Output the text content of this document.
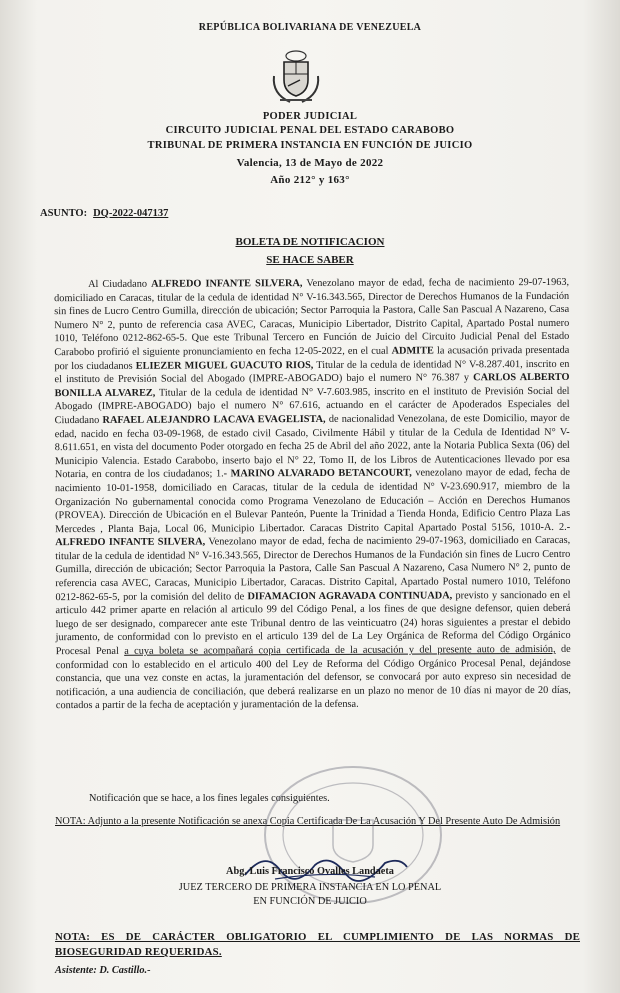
REPÚBLICA BOLIVARIANA DE VENEZUELA
PODER JUDICIAL
CIRCUITO JUDICIAL PENAL DEL ESTADO CARABOBO
TRIBUNAL DE PRIMERA INSTANCIA EN FUNCIÓN DE JUICIO
Valencia, 13 de Mayo de 2022
Año 212° y 163°
ASUNTO: DQ-2022-047137
BOLETA DE NOTIFICACION
SE HACE SABER

Al Ciudadano ALFREDO INFANTE SILVERA, Venezolano mayor de edad, fecha de nacimiento 29-07-1963, domiciliado en Caracas, titular de la cedula de identidad N° V-16.343.565, Director de Derechos Humanos de la Fundación sin fines de Lucro Centro Gumilla, dirección de ubicación; Sector Parroquia la Pastora, Calle San Pascual A Nazareno, Casa Numero N° 2, punto de referencia casa AVEC, Caracas, Municipio Libertador, Distrito Capital, Apartado Postal numero 1010, Teléfono 0212-862-65-5. Que este Tribunal Tercero en Función de Juicio del Circuito Judicial Penal del Estado Carabobo profirió el siguiente pronunciamiento en fecha 12-05-2022, en el cual ADMITE la acusación privada presentada por los ciudadanos ELIEZER MIGUEL GUACUTO RIOS, Titular de la cedula de identidad N° V-8.287.401, inscrito en el instituto de Previsión Social del Abogado (IMPRE-ABOGADO) bajo el numero N° 76.387 y CARLOS ALBERTO BONILLA ALVAREZ, Titular de la cedula de identidad N° V-7.603.985, inscrito en el instituto de Previsión Social del Abogado (IMPRE-ABOGADO) bajo el numero N° 67.616, actuando en el carácter de Apoderados Especiales del Ciudadano RAFAEL ALEJANDRO LACAVA EVAGELISTA, de nacionalidad Venezolana, de este Domicilio, mayor de edad, nacido en fecha 03-09-1968, de estado civil Casado, Civilmente Hábil y titular de la Cedula de Identidad N° V-8.611.651, en vista del documento Poder otorgado en fecha 25 de Abril del año 2022, ante la Notaria Publica Sexta (06) del Municipio Valencia. Estado Carabobo, inserto bajo el N° 22, Tomo II, de los Libros de Autenticaciones llevado por esa Notaria, en contra de los ciudadanos; 1.- MARINO ALVARADO BETANCOURT, venezolano mayor de edad, fecha de nacimiento 10-01-1958, domiciliado en Caracas, titular de la cedula de identidad N° V-23.690.917, miembro de la Organización No gubernamental conocida como Programa Venezolano de Educación – Acción en Derechos Humanos (PROVEA). Dirección de Ubicación en el Bulevar Panteón, Puente la Trinidad a Tienda Honda, Edificio Centro Plaza Las Mercedes , Planta Baja, Local 06, Municipio Libertador. Caracas Distrito Capital Apartado Postal 5156, 1010-A. 2.- ALFREDO INFANTE SILVERA, Venezolano mayor de edad, fecha de nacimiento 29-07-1963, domiciliado en Caracas, titular de la cedula de identidad N° V-16.343.565, Director de Derechos Humanos de la Fundación sin fines de Lucro Centro Gumilla, dirección de ubicación; Sector Parroquia la Pastora, Calle San Pascual A Nazareno, Casa Numero N° 2, punto de referencia casa AVEC, Caracas, Municipio Libertador, Caracas. Distrito Capital, Apartado Postal numero 1010, Teléfono 0212-862-65-5, por la comisión del delito de DIFAMACION AGRAVADA CONTINUADA, previsto y sancionado en el articulo 442 primer aparte en relación al articulo 99 del Código Penal, a los fines de que designe defensor, quien deberá luego de ser designado, comparecer ante este Tribunal dentro de las veinticuatro (24) horas siguientes a prestar el debido juramento, de conformidad con lo previsto en el articulo 139 del de La Ley Orgánica de Reforma del Código Orgánico Procesal Penal a cuya boleta se acompañará copia certificada de la acusación y del presente auto de admisión, de conformidad con lo establecido en el articulo 400 del Ley de Reforma del Código Orgánico Procesal Penal, dejándose constancia, que una vez conste en actas, la juramentación del defensor, se convocará por auto expreso sin necesidad de notificación, a una audiencia de conciliación, que deberá realizarse en un plazo no menor de 10 días ni mayor de 20 días, contados a partir de la fecha de aceptación y juramentación de la defensa.

Notificación que se hace, a los fines legales consiguientes.
NOTA: Adjunto a la presente Notificación se anexa Copia Certificada De La Acusación Y Del Presente Auto De Admisión
Abg. Luis Francisco Ovalles Landaeta
JUEZ TERCERO DE PRIMERA INSTANCIA EN LO PENAL
EN FUNCIÓN DE JUICIO
NOTA: ES DE CARÁCTER OBLIGATORIO EL CUMPLIMIENTO DE LAS NORMAS DE BIOSEGURIDAD REQUERIDAS.
Asistente: D. Castillo.-
